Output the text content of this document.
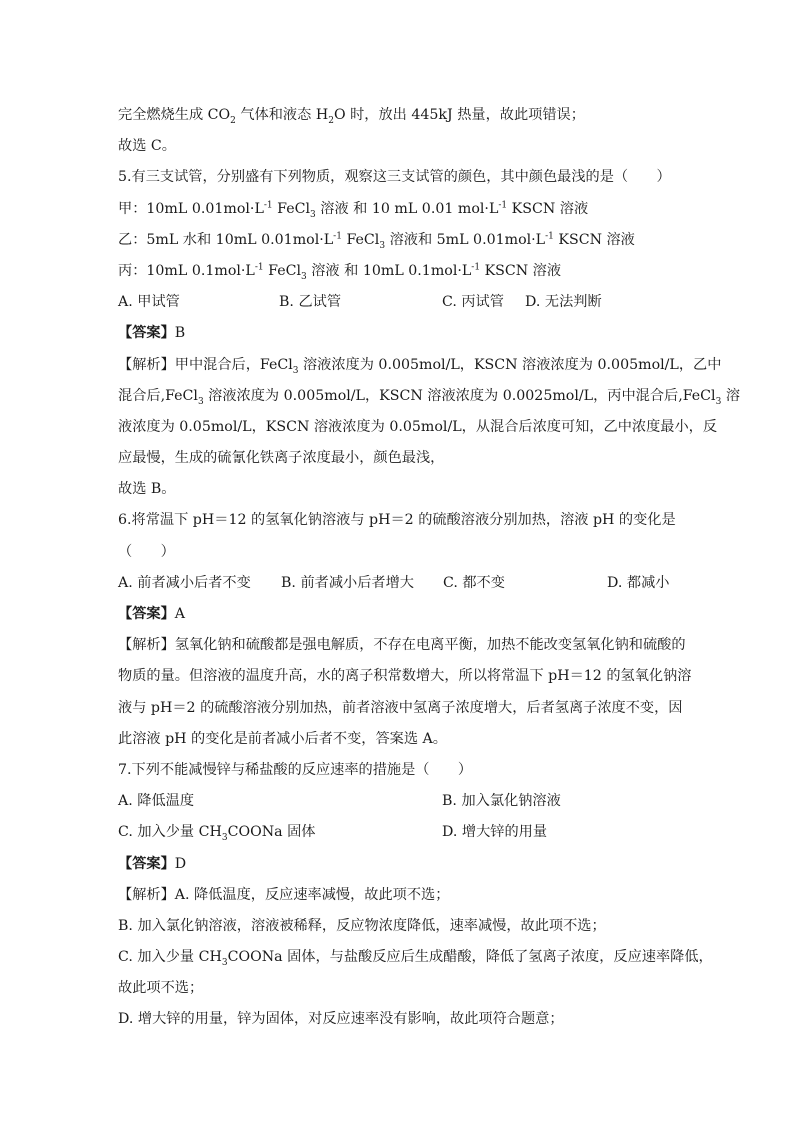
完全燃烧生成 $CO_2$ 气体和液态 $H_2O$ 时，放出 445kJ 热量，故此项错误；
故选 C。
5.有三支试管，分别盛有下列物质，观察这三支试管的颜色，其中颜色最浅的是（　　）
甲：10mL $0.01mol\cdot L^{-1}$ FeCl$_3$ 溶液 和 10 mL 0.01 $mol\cdot L^{-1}$ KSCN 溶液
乙：5mL 水和 10mL $0.01mol\cdot L^{-1}$ FeCl$_3$ 溶液和 5mL $0.01mol\cdot L^{-1}$ KSCN 溶液
丙：10mL $0.1mol\cdot L^{-1}$ FeCl$_3$ 溶液 和 10mL $0.1mol\cdot L^{-1}$ KSCN 溶液
A. 甲试管	B. 乙试管	C. 丙试管	D. 无法判断
【答案】B
【解析】甲中混合后，FeCl$_3$ 溶液浓度为 0.005mol/L，KSCN 溶液浓度为 0.005mol/L，乙中
混合后,FeCl$_3$ 溶液浓度为 0.005mol/L，KSCN 溶液浓度为 0.0025mol/L，丙中混合后,FeCl$_3$ 溶
液浓度为 0.05mol/L，KSCN 溶液浓度为 0.05mol/L，从混合后浓度可知，乙中浓度最小，反
应最慢，生成的硫氰化铁离子浓度最小，颜色最浅，
故选 B。
6.将常温下 pH＝12 的氢氧化钠溶液与 pH＝2 的硫酸溶液分别加热，溶液 pH 的变化是
（　　）
A. 前者减小后者不变	B. 前者减小后者增大	C. 都不变	D. 都减小
【答案】A
【解析】氢氧化钠和硫酸都是强电解质，不存在电离平衡，加热不能改变氢氧化钠和硫酸的
物质的量。但溶液的温度升高，水的离子积常数增大，所以将常温下 pH＝12 的氢氧化钠溶
液与 pH＝2 的硫酸溶液分别加热，前者溶液中氢离子浓度增大，后者氢离子浓度不变，因
此溶液 pH 的变化是前者减小后者不变，答案选 A。
7.下列不能减慢锌与稀盐酸的反应速率的措施是（　　）
A. 降低温度	B. 加入氯化钠溶液
C. 加入少量 $CH_3COONa$ 固体	D. 增大锌的用量
【答案】D
【解析】A. 降低温度，反应速率减慢，故此项不选；
B. 加入氯化钠溶液，溶液被稀释，反应物浓度降低，速率减慢，故此项不选；
C. 加入少量 $CH_3COONa$ 固体，与盐酸反应后生成醋酸，降低了氢离子浓度，反应速率降低，
故此项不选；
D. 增大锌的用量，锌为固体，对反应速率没有影响，故此项符合题意；
